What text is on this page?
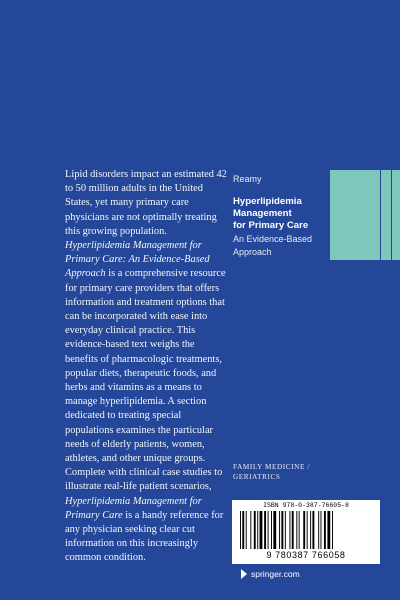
Lipid disorders impact an estimated 42 to 50 million adults in the United States, yet many primary care physicians are not optimally treating this growing population. Hyperlipidemia Management for Primary Care: An Evidence-Based Approach is a comprehensive resource for primary care providers that offers information and treatment options that can be incorporated with ease into everyday clinical practice. This evidence-based text weighs the benefits of pharmacologic treatments, popular diets, therapeutic foods, and herbs and vitamins as a means to manage hyperlipidemia. A section dedicated to treating special populations examines the particular needs of elderly patients, women, athletes, and other unique groups. Complete with clinical case studies to illustrate real-life patient scenarios, Hyperlipidemia Management for Primary Care is a handy reference for any physician seeking clear cut information on this increasingly common condition.
Reamy
Hyperlipidemia
Management
for Primary Care
An Evidence-Based
Approach
FAMILY MEDICINE /
GERIATRICS
ISBN 978-0-387-76605-8
9 780387 766058
springer.com
